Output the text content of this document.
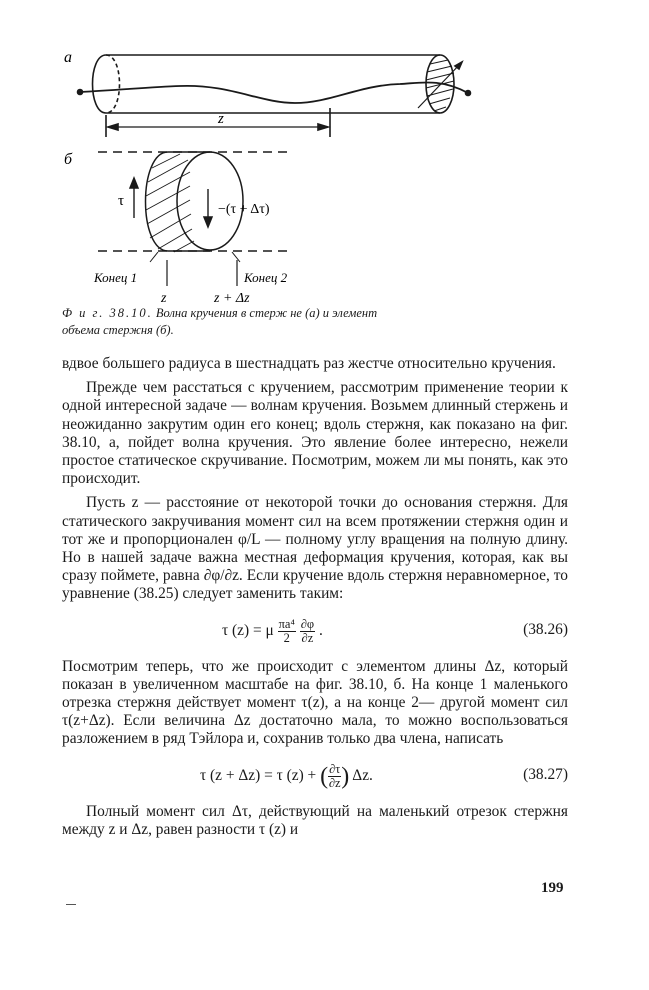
а
z
б
τ
−(τ + Δτ)
Конец 1	Конец 2
z	z + Δz
Ф и г. 38.10. Волна кручения в стерж не (а) и элемент
объема стержня (б).

вдвое большего радиуса в шестнадцать раз жестче относительно кручения.

Прежде чем расстаться с кручением, рассмотрим применение теории к одной интересной задаче — волнам кручения. Возьмем длинный стержень и неожиданно закрутим один его конец; вдоль стержня, как показано на фиг. 38.10, а, пойдет волна кручения. Это явление более интересно, нежели простое статическое скручивание. Посмотрим, можем ли мы понять, как это происходит.

Пусть z — расстояние от некоторой точки до основания стержня. Для статического закручивания момент сил на всем протяжении стержня один и тот же и пропорционален φ/L — полному углу вращения на полную длину. Но в нашей задаче важна местная деформация кручения, которая, как вы сразу поймете, равна ∂φ/∂z. Если кручение вдоль стержня неравномерное, то уравнение (38.25) следует заменить таким:

τ (z) = μ $\frac{\text{πa⁴}}{2}$
$\frac{\partial\varphi}{\partial z}$ .	(38.26)

Посмотрим теперь, что же происходит с элементом длины Δz, который показан в увеличенном масштабе на фиг. 38.10, б. На конце 1 маленького отрезка стержня действует момент τ(z), а на конце 2— другой момент сил τ(z+Δz). Если величина Δz достаточно мала, то можно воспользоваться разложением в ряд Тэйлора и, сохранив только два члена, написать

τ (z + Δz) = τ (z) + ( $\frac{\partial\tau}{\partial z}$ ) Δz.	(38.27)

Полный момент сил Δτ, действующий на маленький отрезок стержня между z и Δz, равен разности τ (z) и

199
